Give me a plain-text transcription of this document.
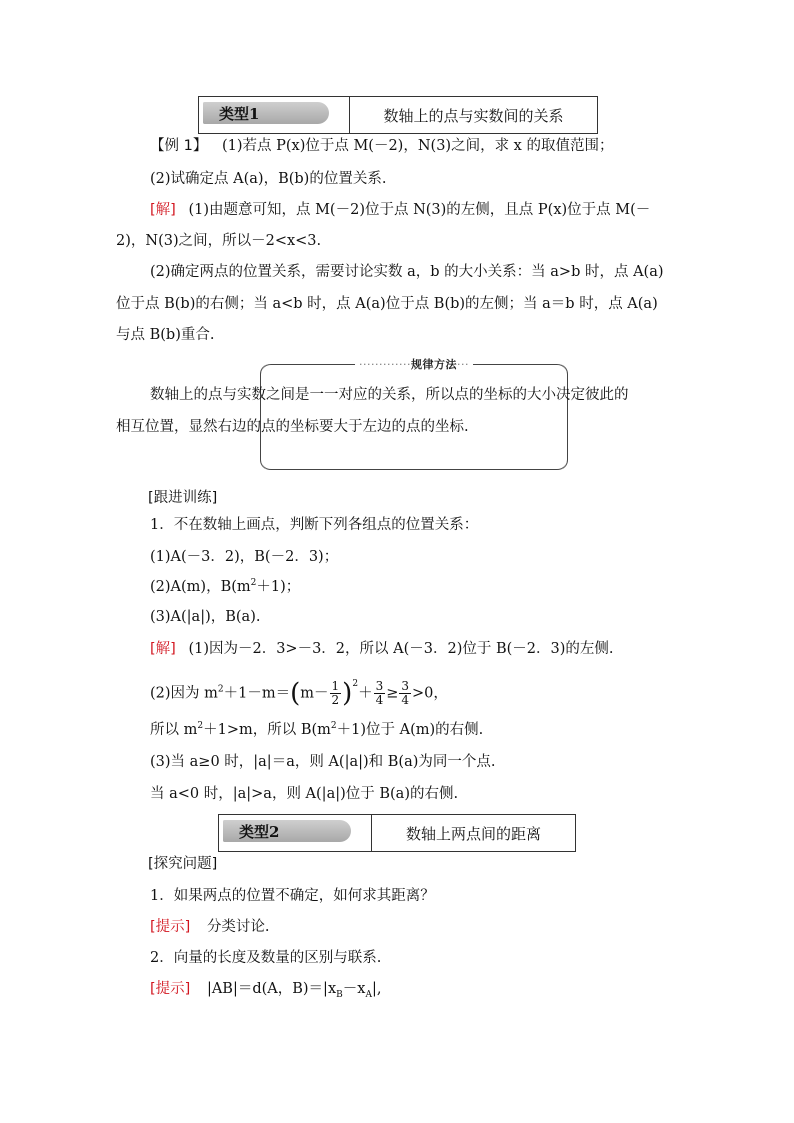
类型1	数轴上的点与实数间的关系
【例 1】 (1)若点 P(x)位于点 M(－2)，N(3)之间，求 x 的取值范围；
(2)试确定点 A(a)，B(b)的位置关系.
[解] (1)由题意可知，点 M(－2)位于点 N(3)的左侧，且点 P(x)位于点 M(－
2)，N(3)之间，所以－2<x<3.
(2)确定两点的位置关系，需要讨论实数 a，b 的大小关系：当 a>b 时，点 A(a)
位于点 B(b)的右侧；当 a<b 时，点 A(a)位于点 B(b)的左侧；当 a＝b 时，点 A(a)
与点 B(b)重合.
·············规律方法···
数轴上的点与实数之间是一一对应的关系，所以点的坐标的大小决定彼此的
相互位置，显然右边的点的坐标要大于左边的点的坐标.
[跟进训练]
1．不在数轴上画点，判断下列各组点的位置关系：
(1)A(－3．2)，B(－2．3)；
(2)A(m)，$B(m^2+1)$；
(3)A(|a|)，B(a).
[解] (1)因为－2．3>－3．2，所以 A(－3．2)位于 B(－2．3)的左侧.
(2)因为 $m^2+1-m=(m- \frac{1}{2} )^2+ \frac{3}{4} \ge \frac{3}{4} >0$，
所以 $m^2+1>m$，所以 $B(m^2+1)$位于 A(m)的右侧.
(3)当 a≥0 时，|a|＝a，则 A(|a|)和 B(a)为同一个点.
当 a<0 时，|a|>a，则 A(|a|)位于 B(a)的右侧.
类型2	数轴上两点间的距离
[探究问题]
1．如果两点的位置不确定，如何求其距离？
[提示] 分类讨论.
2．向量的长度及数量的区别与联系.
[提示] |AB|＝d(A，$B)=|x_B-x_A|$,
